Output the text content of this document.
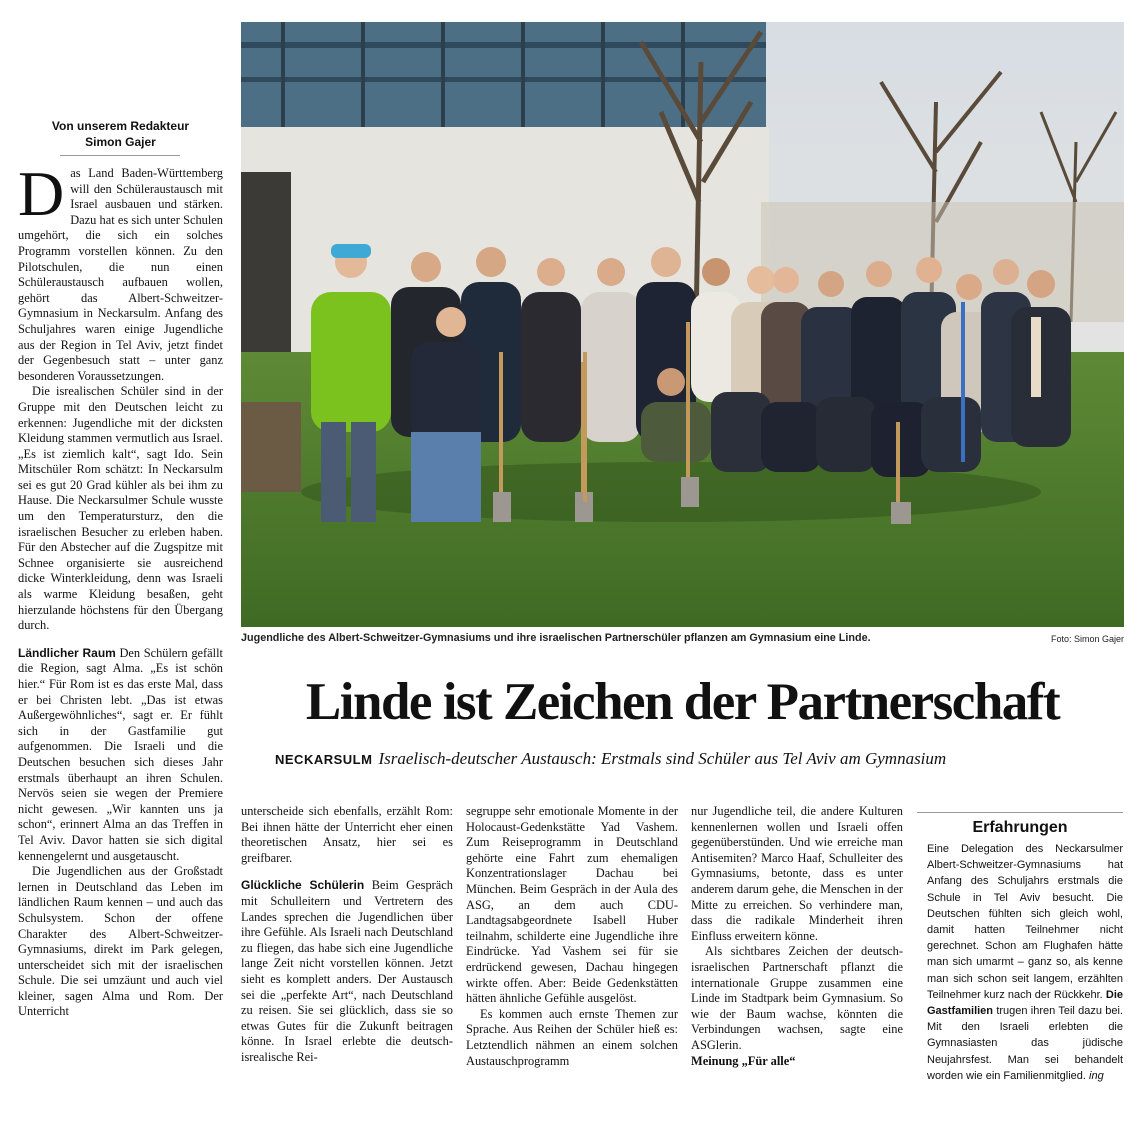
Von unserem Redakteur
Simon Gajer

Das Land Baden-Württemberg will den Schüleraustausch mit Israel ausbauen und stärken. Dazu hat es sich unter Schulen umgehört, die sich ein solches Programm vorstellen können. Zu den Pilotschulen, die nun einen Schüleraustausch aufbauen wollen, gehört das Albert-Schweitzer-Gymnasium in Neckarsulm. Anfang des Schuljahres waren einige Jugendliche aus der Region in Tel Aviv, jetzt findet der Gegenbesuch statt – unter ganz besonderen Voraussetzungen.

Die isrealischen Schüler sind in der Gruppe mit den Deutschen leicht zu erkennen: Jugendliche mit der dicksten Kleidung stammen vermutlich aus Israel. „Es ist ziemlich kalt“, sagt Ido. Sein Mitschüler Rom schätzt: In Neckarsulm sei es gut 20 Grad kühler als bei ihm zu Hause. Die Neckarsulmer Schule wusste um den Temperatursturz, den die israelischen Besucher zu erleben haben. Für den Abstecher auf die Zugspitze mit Schnee organisierte sie ausreichend dicke Winterkleidung, denn was Israeli als warme Kleidung besaßen, geht hierzulande höchstens für den Übergang durch.

Ländlicher Raum Den Schülern gefällt die Region, sagt Alma. „Es ist schön hier.“ Für Rom ist es das erste Mal, dass er bei Christen lebt. „Das ist etwas Außergewöhnliches“, sagt er. Er fühlt sich in der Gastfamilie gut aufgenommen. Die Israeli und die Deutschen besuchen sich dieses Jahr erstmals überhaupt an ihren Schulen. Nervös seien sie wegen der Premiere nicht gewesen. „Wir kannten uns ja schon“, erinnert Alma an das Treffen in Tel Aviv. Davor hatten sie sich digital kennengelernt und ausgetauscht.

Die Jugendlichen aus der Großstadt lernen in Deutschland das Leben im ländlichen Raum kennen – und auch das Schulsystem. Schon der offene Charakter des Albert-Schweitzer-Gymnasiums, direkt im Park gelegen, unterscheidet sich mit der israelischen Schule. Die sei umzäunt und auch viel kleiner, sagen Alma und Rom. Der Unterricht

Jugendliche des Albert-Schweitzer-Gymnasiums und ihre israelischen Partnerschüler pflanzen am Gymnasium eine Linde.	Foto: Simon Gajer
Linde ist Zeichen der Partnerschaft
NECKARSULM Israelisch-deutscher Austausch: Erstmals sind Schüler aus Tel Aviv am Gymnasium

unterscheide sich ebenfalls, erzählt Rom: Bei ihnen hätte der Unterricht eher einen theoretischen Ansatz, hier sei es greifbarer.

Glückliche Schülerin Beim Gespräch mit Schulleitern und Vertretern des Landes sprechen die Jugendlichen über ihre Gefühle. Als Israeli nach Deutschland zu fliegen, das habe sich eine Jugendliche lange Zeit nicht vorstellen können. Jetzt sieht es komplett anders. Der Austausch sei die „perfekte Art“, nach Deutschland zu reisen. Sie sei glücklich, dass sie so etwas Gutes für die Zukunft beitragen könne. In Israel erlebte die deutsch-isrealische Rei-

segruppe sehr emotionale Momente in der Holocaust-Gedenkstätte Yad Vashem. Zum Reiseprogramm in Deutschland gehörte eine Fahrt zum ehemaligen Konzentrationslager Dachau bei München. Beim Gespräch in der Aula des ASG, an dem auch CDU-Landtagsabgeordnete Isabell Huber teilnahm, schilderte eine Jugendliche ihre Eindrücke. Yad Vashem sei für sie erdrückend gewesen, Dachau hingegen wirkte offen. Aber: Beide Gedenkstätten hätten ähnliche Gefühle ausgelöst.

Es kommen auch ernste Themen zur Sprache. Aus Reihen der Schüler hieß es: Letztendlich nähmen an einem solchen Austauschprogramm

nur Jugendliche teil, die andere Kulturen kennenlernen wollen und Israeli offen gegenüberstünden. Und wie erreiche man Antisemiten? Marco Haaf, Schulleiter des Gymnasiums, betonte, dass es unter anderem darum gehe, die Menschen in der Mitte zu erreichen. So verhindere man, dass die radikale Minderheit ihren Einfluss erweitern könne.

Als sichtbares Zeichen der deutsch-israelischen Partnerschaft pflanzt die internationale Gruppe zusammen eine Linde im Stadtpark beim Gymnasium. So wie der Baum wachse, könnten die Verbindungen wachsen, sagte eine ASGlerin.

Meinung „Für alle“

Erfahrungen
Eine Delegation des Neckarsulmer Albert-Schweitzer-Gymnasiums hat Anfang des Schuljahrs erstmals die Schule in Tel Aviv besucht. Die Deutschen fühlten sich gleich wohl, damit hatten Teilnehmer nicht gerechnet. Schon am Flughafen hätte man sich umarmt – ganz so, als kenne man sich schon seit langem, erzählten Teilnehmer kurz nach der Rückkehr. Die Gastfamilien trugen ihren Teil dazu bei. Mit den Israeli erlebten die Gymnasiasten das jüdische Neujahrsfest. Man sei behandelt worden wie ein Familienmitglied. ing
